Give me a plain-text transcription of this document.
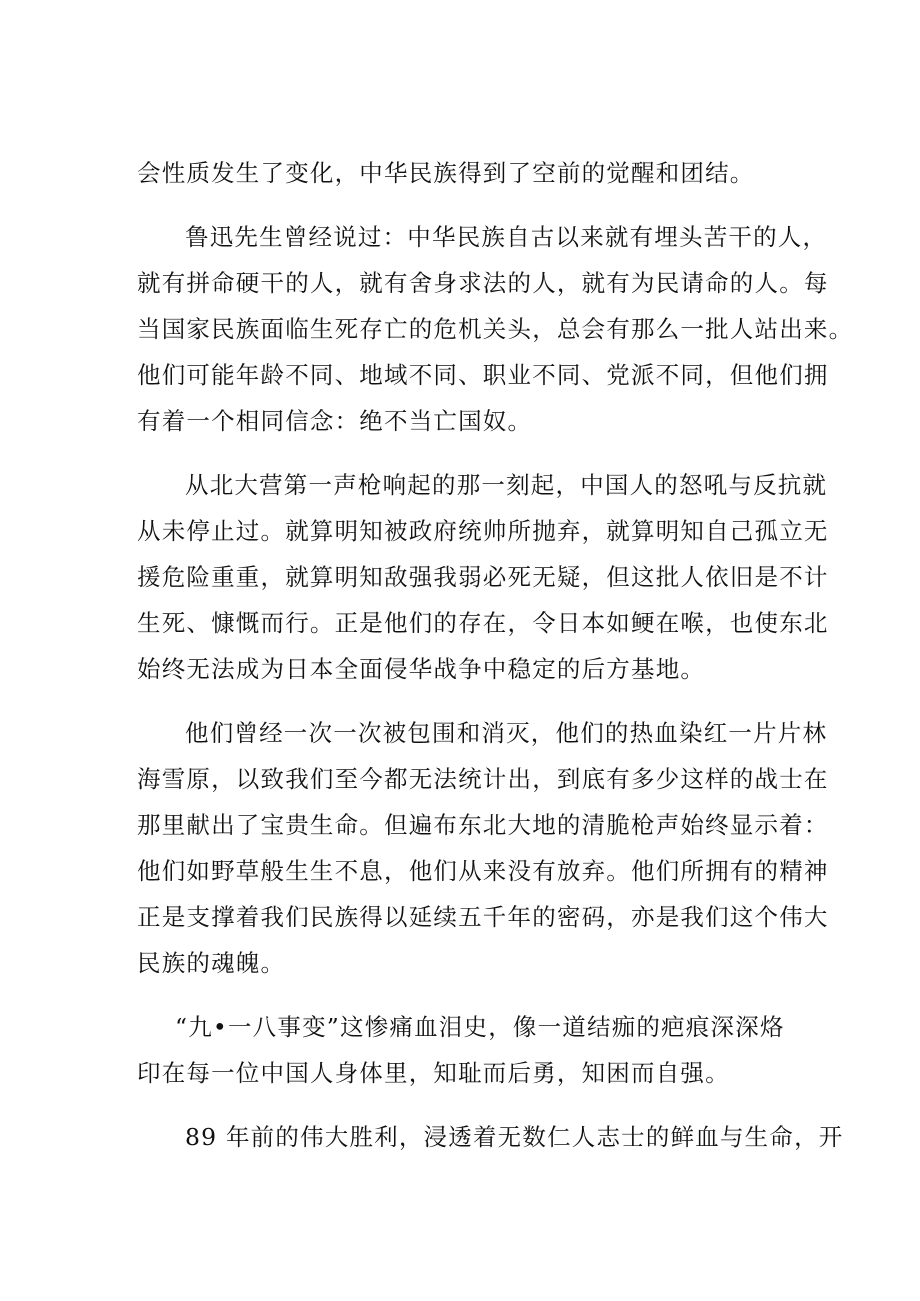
会性质发生了变化，中华民族得到了空前的觉醒和团结。
鲁迅先生曾经说过：中华民族自古以来就有埋头苦干的人，
就有拼命硬干的人，就有舍身求法的人，就有为民请命的人。每
当国家民族面临生死存亡的危机关头，总会有那么一批人站出来。
他们可能年龄不同、地域不同、职业不同、党派不同，但他们拥
有着一个相同信念：绝不当亡国奴。
从北大营第一声枪响起的那一刻起，中国人的怒吼与反抗就
从未停止过。就算明知被政府统帅所抛弃，就算明知自己孤立无
援危险重重，就算明知敌强我弱必死无疑，但这批人依旧是不计
生死、慷慨而行。正是他们的存在，令日本如鲠在喉，也使东北
始终无法成为日本全面侵华战争中稳定的后方基地。
他们曾经一次一次被包围和消灭，他们的热血染红一片片林
海雪原，以致我们至今都无法统计出，到底有多少这样的战士在
那里献出了宝贵生命。但遍布东北大地的清脆枪声始终显示着：
他们如野草般生生不息，他们从来没有放弃。他们所拥有的精神
正是支撑着我们民族得以延续五千年的密码，亦是我们这个伟大
民族的魂魄。
“九•一八事变”这惨痛血泪史，像一道结痂的疤痕深深烙
印在每一位中国人身体里，知耻而后勇，知困而自强。
89 年前的伟大胜利，浸透着无数仁人志士的鲜血与生命，开
